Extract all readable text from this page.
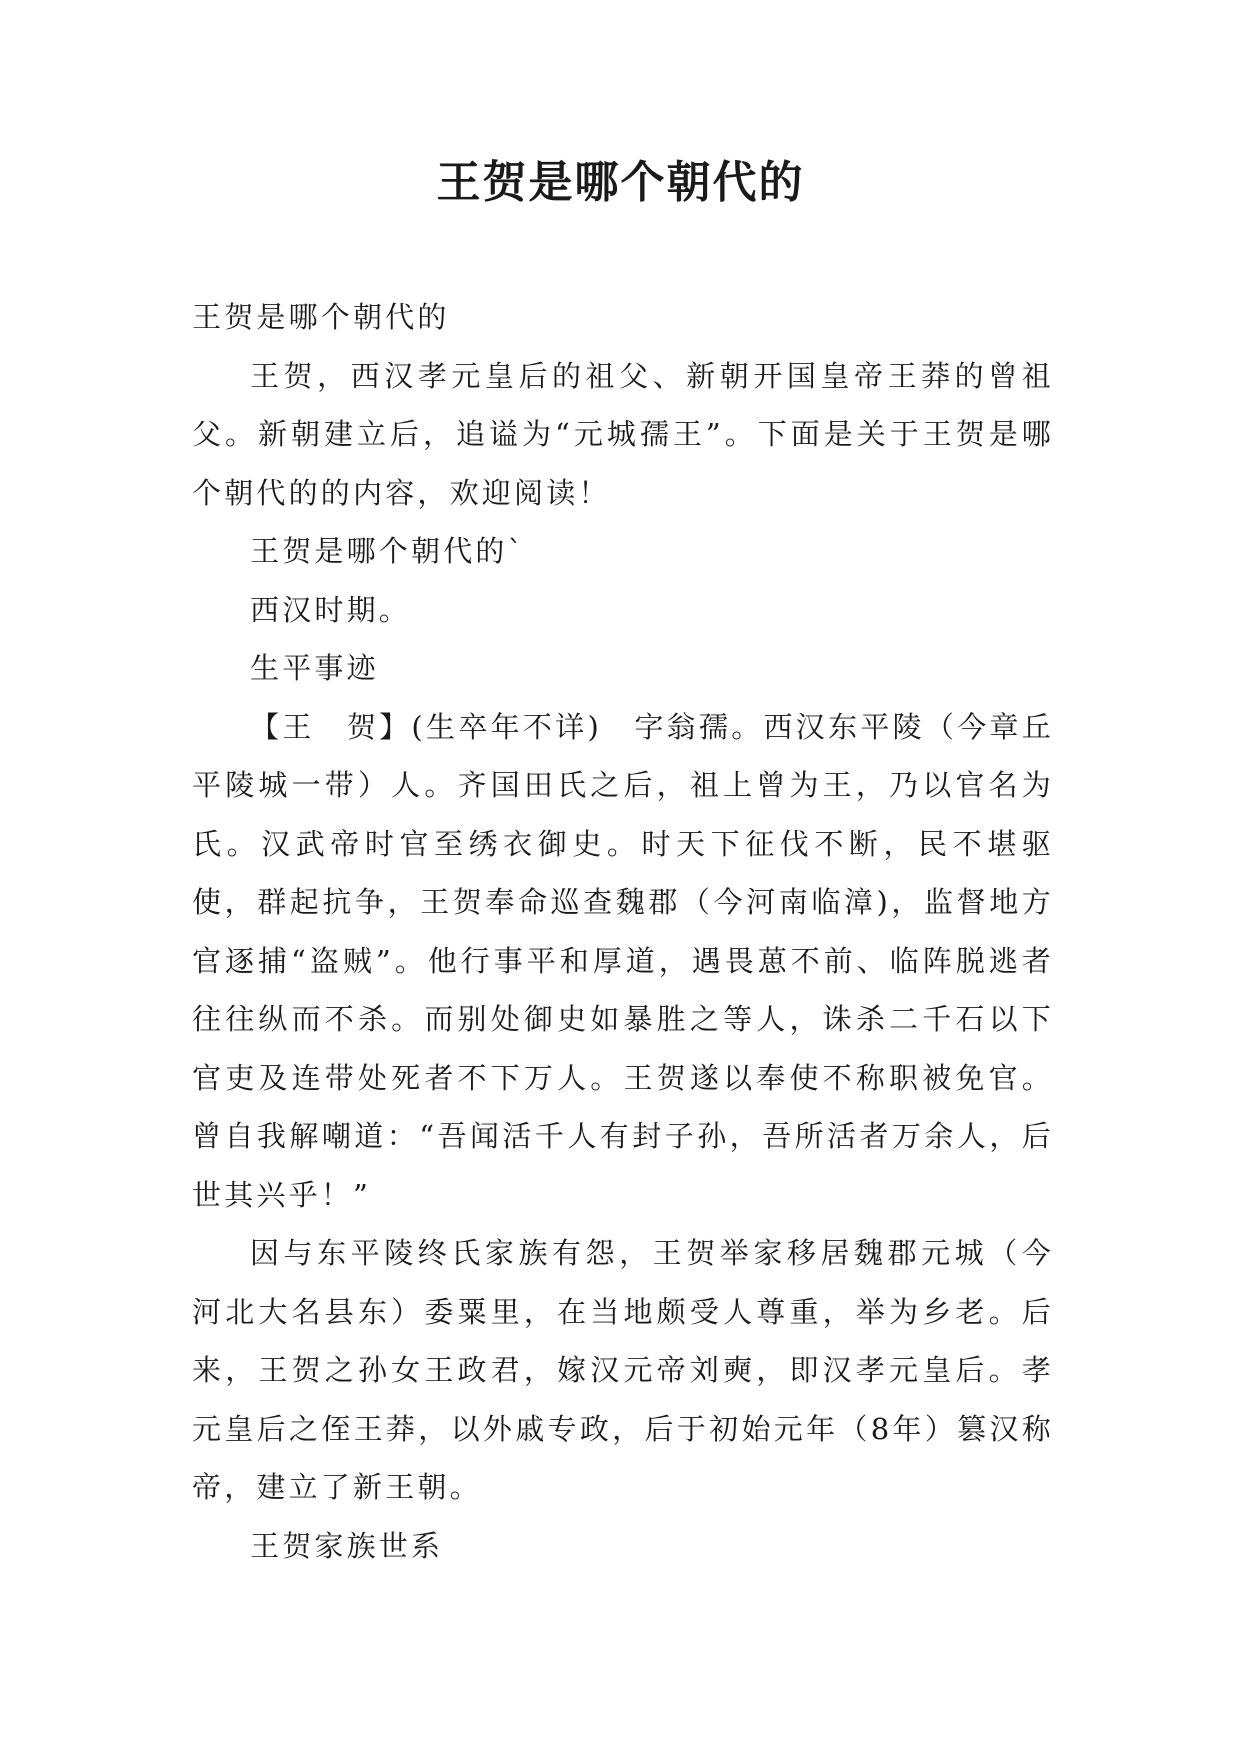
王贺是哪个朝代的

王贺是哪个朝代的

王贺，西汉孝元皇后的祖父、新朝开国皇帝王莽的曾祖父。新朝建立后，追谥为“元城孺王”。下面是关于王贺是哪个朝代的的内容，欢迎阅读！

王贺是哪个朝代的`

西汉时期。

生平事迹

【王　贺】(生卒年不详)　字翁孺。西汉东平陵（今章丘平陵城一带）人。齐国田氏之后，祖上曾为王，乃以官名为氏。汉武帝时官至绣衣御史。时天下征伐不断，民不堪驱使，群起抗争，王贺奉命巡查魏郡（今河南临漳)，监督地方官逐捕“盗贼”。他行事平和厚道，遇畏葸不前、临阵脱逃者往往纵而不杀。而别处御史如暴胜之等人，诛杀二千石以下官吏及连带处死者不下万人。王贺遂以奉使不称职被免官。曾自我解嘲道：“吾闻活千人有封子孙，吾所活者万余人，后世其兴乎！”

因与东平陵终氏家族有怨，王贺举家移居魏郡元城（今河北大名县东）委粟里，在当地颇受人尊重，举为乡老。后来，王贺之孙女王政君，嫁汉元帝刘奭，即汉孝元皇后。孝元皇后之侄王莽，以外戚专政，后于初始元年（8年）篡汉称帝，建立了新王朝。

王贺家族世系
